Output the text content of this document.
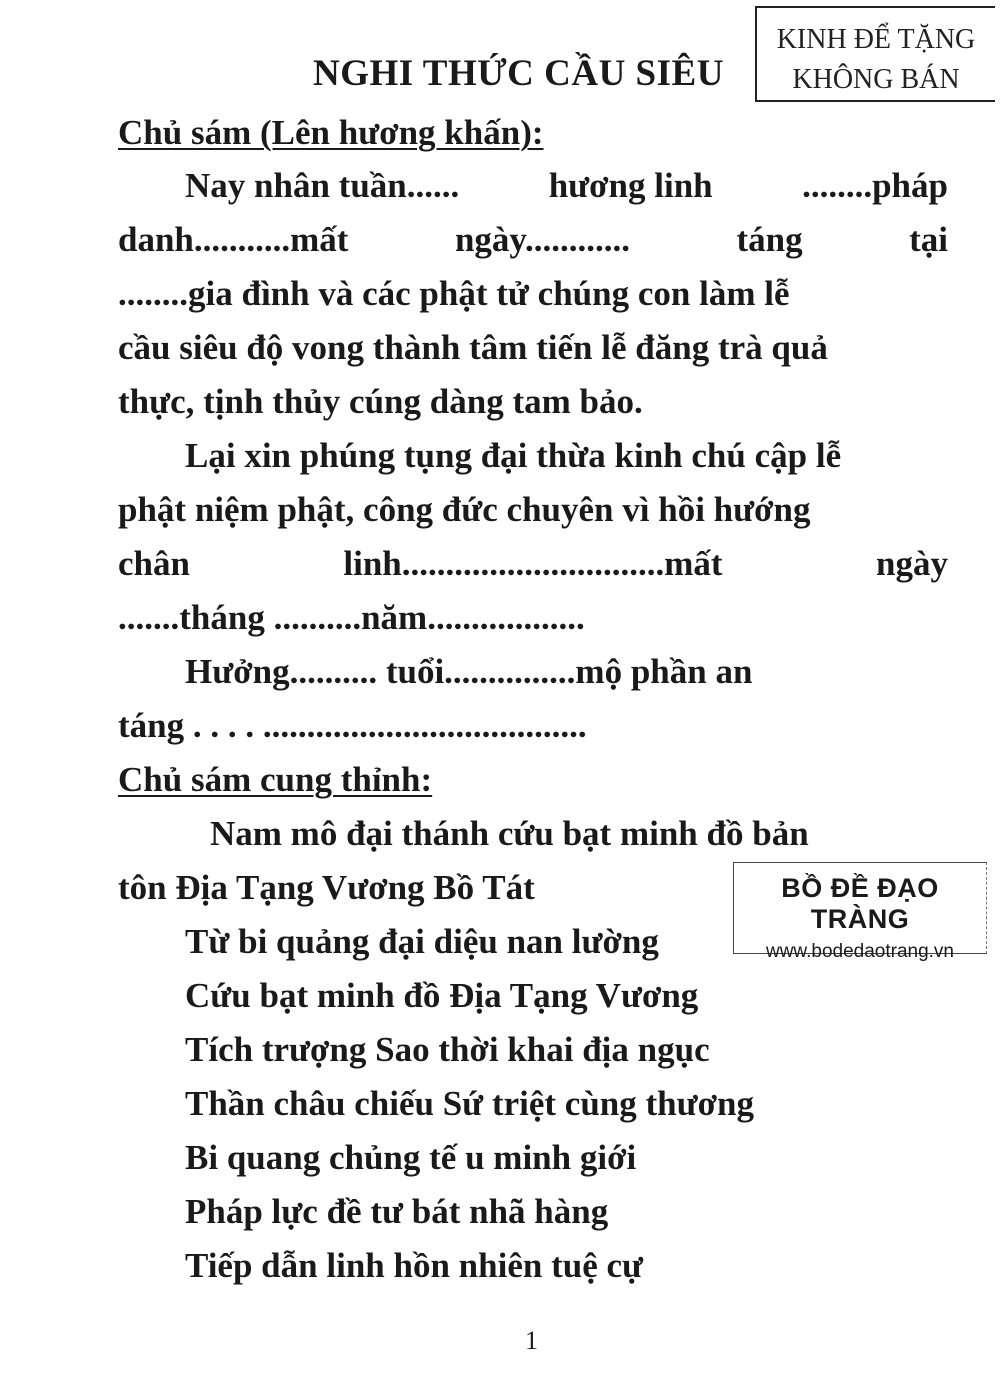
KINH ĐỂ TẶNG
KHÔNG BÁN
NGHI THỨC CẦU SIÊU
Chủ sám (Lên hương khấn):
Nay nhân tuần......	hương linh	........pháp
danh...........mất	ngày............	táng	tại
........gia đình và các phật tử chúng con làm lễ
cầu siêu độ vong thành tâm tiến lễ đăng trà quả
thực, tịnh thủy cúng dàng tam bảo.
Lại xin phúng tụng đại thừa kinh chú cập lễ
phật niệm phật, công đức chuyên vì hồi hướng
chân	linh..............................mất	ngày
.......tháng ..........năm..................
Hưởng.......... tuổi...............mộ phần an
táng . . . . .....................................
Chủ sám cung thỉnh:
Nam mô đại thánh cứu bạt minh đồ bản
tôn Địa Tạng Vương Bồ Tát
Từ bi quảng đại diệu nan lường
Cứu bạt minh đồ Địa Tạng Vương
Tích trượng Sao thời khai địa ngục
Thần châu chiếu Sứ triệt cùng thương
Bi quang chủng tế u minh giới
Pháp lực đề tư bát nhã hàng
Tiếp dẫn linh hồn nhiên tuệ cự
BỒ ĐỀ ĐẠO TRÀNG
www.bodedaotrang.vn
1
